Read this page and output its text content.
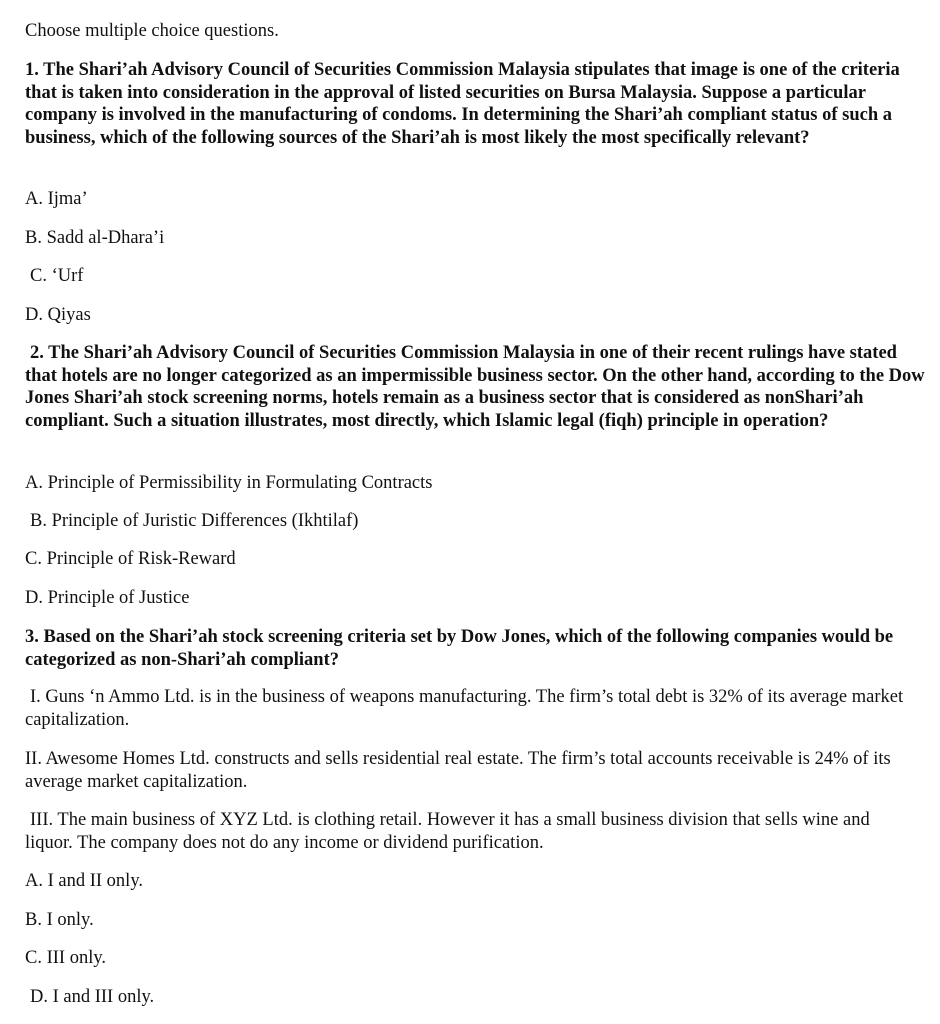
Choose multiple choice questions.
1. The Shari’ah Advisory Council of Securities Commission Malaysia stipulates that image is one of the criteria that is taken into consideration in the approval of listed securities on Bursa Malaysia. Suppose a particular company is involved in the manufacturing of condoms. In determining the Shari’ah compliant status of such a business, which of the following sources of the Shari’ah is most likely the most specifically relevant?
A. Ijma’
B. Sadd al-Dhara’i
C. ‘Urf
D. Qiyas
2. The Shari’ah Advisory Council of Securities Commission Malaysia in one of their recent rulings have stated that hotels are no longer categorized as an impermissible business sector. On the other hand, according to the Dow Jones Shari’ah stock screening norms, hotels remain as a business sector that is considered as nonShari’ah compliant. Such a situation illustrates, most directly, which Islamic legal (fiqh) principle in operation?
A. Principle of Permissibility in Formulating Contracts
B. Principle of Juristic Differences (Ikhtilaf)
C. Principle of Risk-Reward
D. Principle of Justice
3. Based on the Shari’ah stock screening criteria set by Dow Jones, which of the following companies would be categorized as non-Shari’ah compliant?
I. Guns ‘n Ammo Ltd. is in the business of weapons manufacturing. The firm’s total debt is 32% of its average market capitalization.
II. Awesome Homes Ltd. constructs and sells residential real estate. The firm’s total accounts receivable is 24% of its average market capitalization.
III. The main business of XYZ Ltd. is clothing retail. However it has a small business division that sells wine and liquor. The company does not do any income or dividend purification.
A. I and II only.
B. I only.
C. III only.
D. I and III only.
